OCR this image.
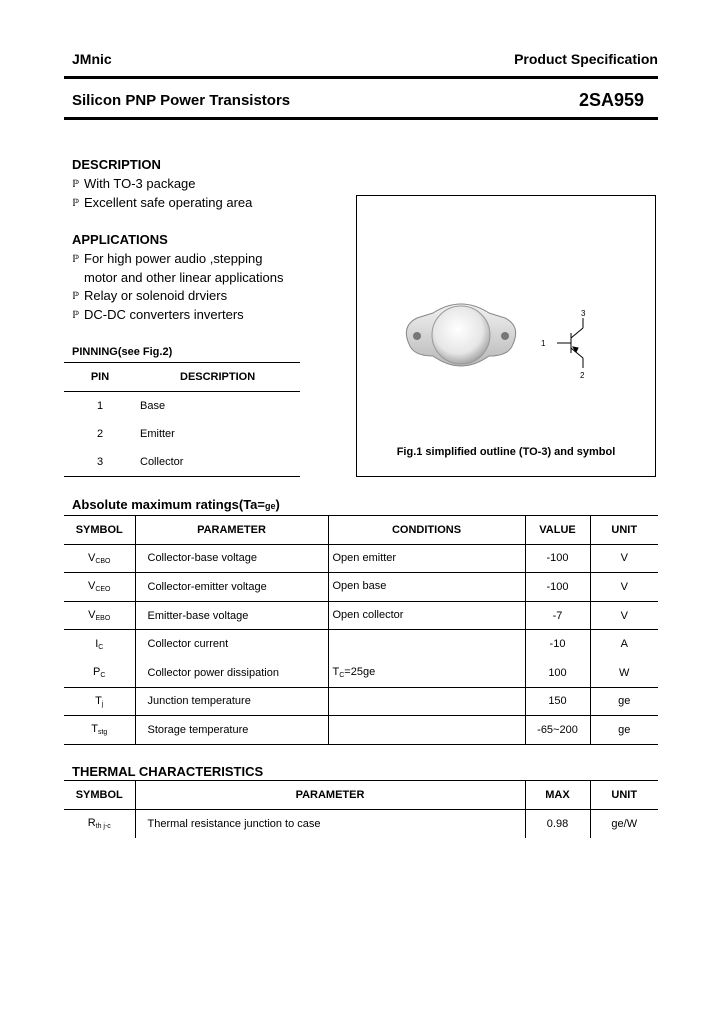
JMnic	Product Specification
Silicon PNP Power Transistors	2SA959
DESCRIPTION
ℙ With TO-3 package
ℙ Excellent safe operating area
APPLICATIONS
ℙ For high power audio ,stepping
motor and other linear applications
ℙ Relay or solenoid drviers
ℙ DC-DC converters inverters
PINNING(see Fig.2)
PIN	DESCRIPTION
1	Base
2	Emitter
3	Collector
1
2
3
Fig.1 simplified outline (TO-3) and symbol
Absolute maximum ratings(Ta=ge)
SYMBOL	PARAMETER	CONDITIONS	VALUE	UNIT
$V_{CBO}$	Collector-base voltage	Open emitter	-100	V
$V_{CEO}$	Collector-emitter voltage	Open base	-100	V
$V_{EBO}$	Emitter-base voltage	Open collector	-7	V
$I_C$	Collector current		-10	A
$P_C$	Collector power dissipation	$T_C=25ge$	100	W
$T_j$	Junction temperature		150	ge
$T_{stg}$	Storage temperature		-65~200	ge
THERMAL CHARACTERISTICS
SYMBOL	PARAMETER	MAX	UNIT
$R_{th j-c}$	Thermal resistance junction to case	0.98	ge/W
